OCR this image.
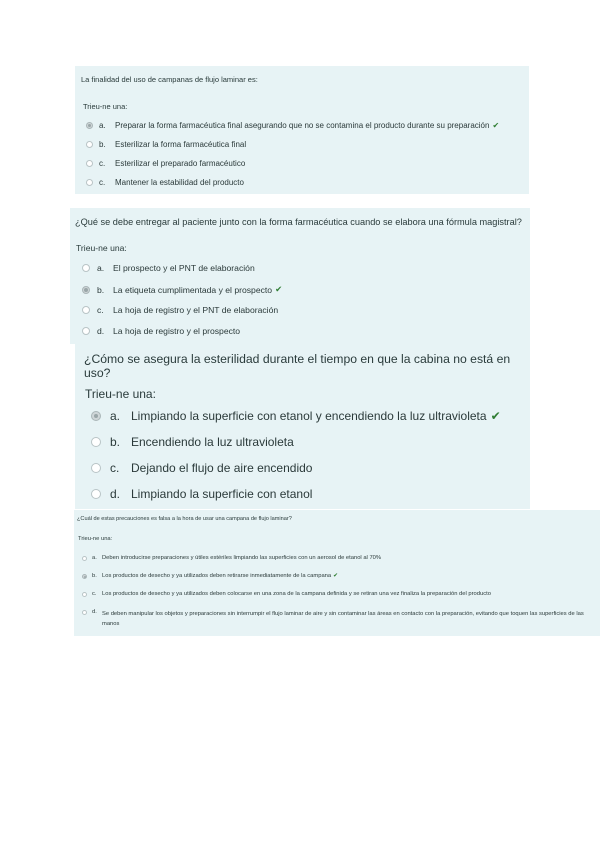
La finalidad del uso de campanas de flujo laminar es:
Trieu-ne una:
a.	Preparar la forma farmacéutica final asegurando que no se contamina el producto durante su preparación ✔
b.	Esterilizar la forma farmacéutica final
c.	Esterilizar el preparado farmacéutico
c.	Mantener la estabilidad del producto
¿Qué se debe entregar al paciente junto con la forma farmacéutica cuando se elabora una fórmula magistral?
Trieu-ne una:
a.	El prospecto y el PNT de elaboración
b.	La etiqueta cumplimentada y el prospecto ✔
c.	La hoja de registro y el PNT de elaboración
d.	La hoja de registro y el prospecto
¿Cómo se asegura la esterilidad durante el tiempo en que la cabina no está en uso?
Trieu-ne una:
a. Limpiando la superficie con etanol y encendiendo la luz ultravioleta ✔
b. Encendiendo la luz ultravioleta
c. Dejando el flujo de aire encendido
d. Limpiando la superficie con etanol
¿Cuál de estas precauciones es falsa a la hora de usar una campana de flujo laminar?
Trieu-ne una:
a. Deben introducirse preparaciones y útiles estériles limpiando las superficies con un aerosol de etanol al 70%
b. Los productos de desecho y ya utilizados deben retirarse inmediatamente de la campana ✔
c. Los productos de desecho y ya utilizados deben colocarse en una zona de la campana definida y se retiran una vez finaliza la preparación del producto
d. Se deben manipular los objetos y preparaciones sin interrumpir el flujo laminar de aire y sin contaminar las áreas en contacto con la preparación, evitando que toquen las superficies de las manos
